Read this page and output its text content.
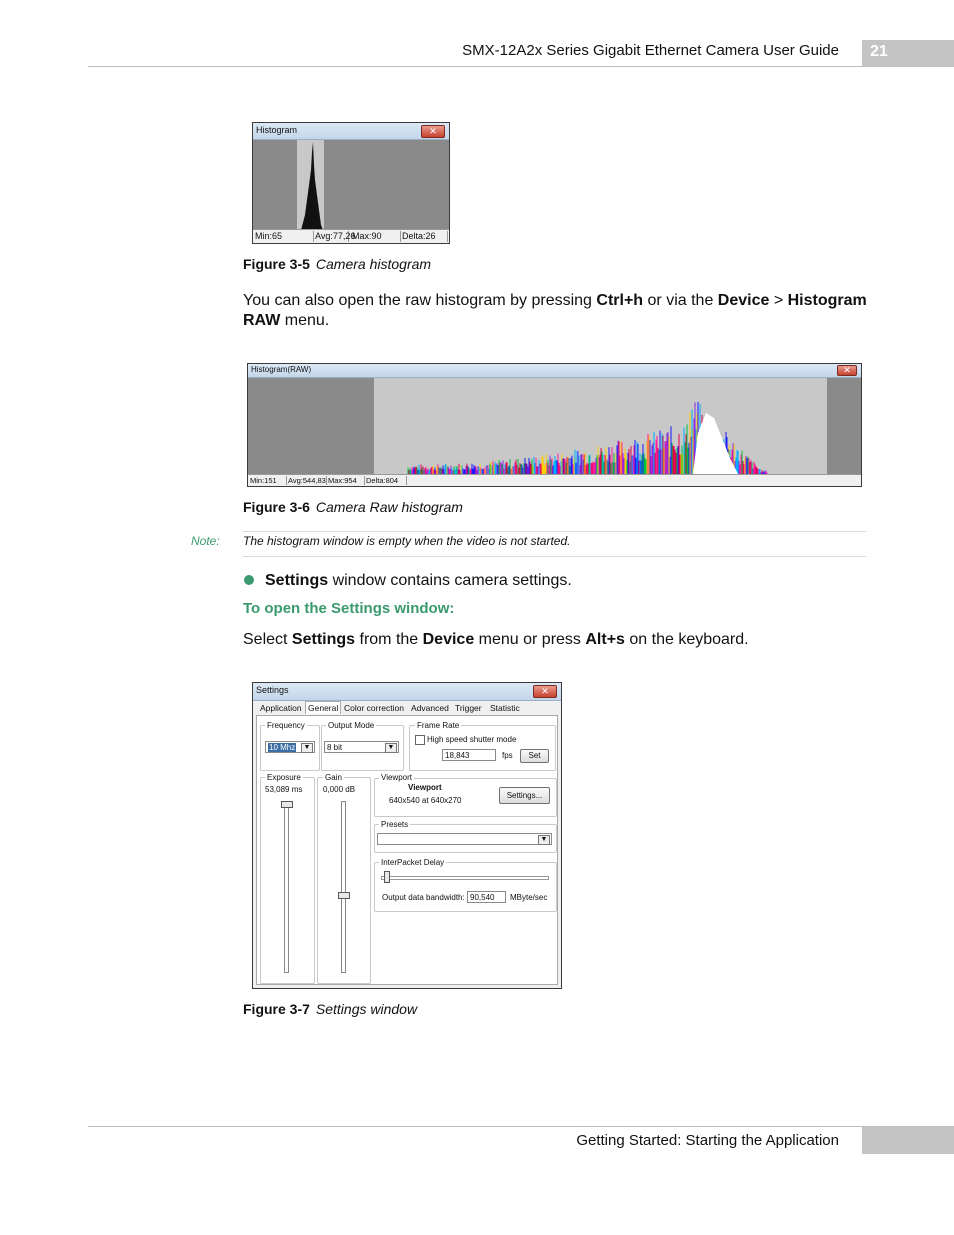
SMX-12A2x Series Gigabit Ethernet Camera User Guide 21
Histogram	✕
Min:65	Avg:77,26
Max:90	Delta:26
Figure 3-5 Camera histogram
You can also open the raw histogram by pressing Ctrl+h or via the Device > Histogram RAW menu.
Histogram(RAW)	✕
Min:151	Avg:544,83 Max:954	Delta:804
Figure 3-6 Camera Raw histogram
Note: The histogram window is empty when the video is not started.
Settings window contains camera settings.
To open the Settings window:
Select Settings from the Device menu or press Alt+s on the keyboard.
Settings	✕
Application General Color correction Advanced Trigger Statistic
Frequency
10 Mhz	▼
Output Mode
8 bit	▼
Frame Rate
High speed shutter mode
18,843	fps	Set
Exposure
53,089 ms
Gain
0,000 dB
Viewport
Viewport
640x540 at 640x270
Settings...
Presets
▼
InterPacket Delay
Output data bandwidth: 90,540	MByte/sec
Figure 3-7 Settings window
Getting Started: Starting the Application
